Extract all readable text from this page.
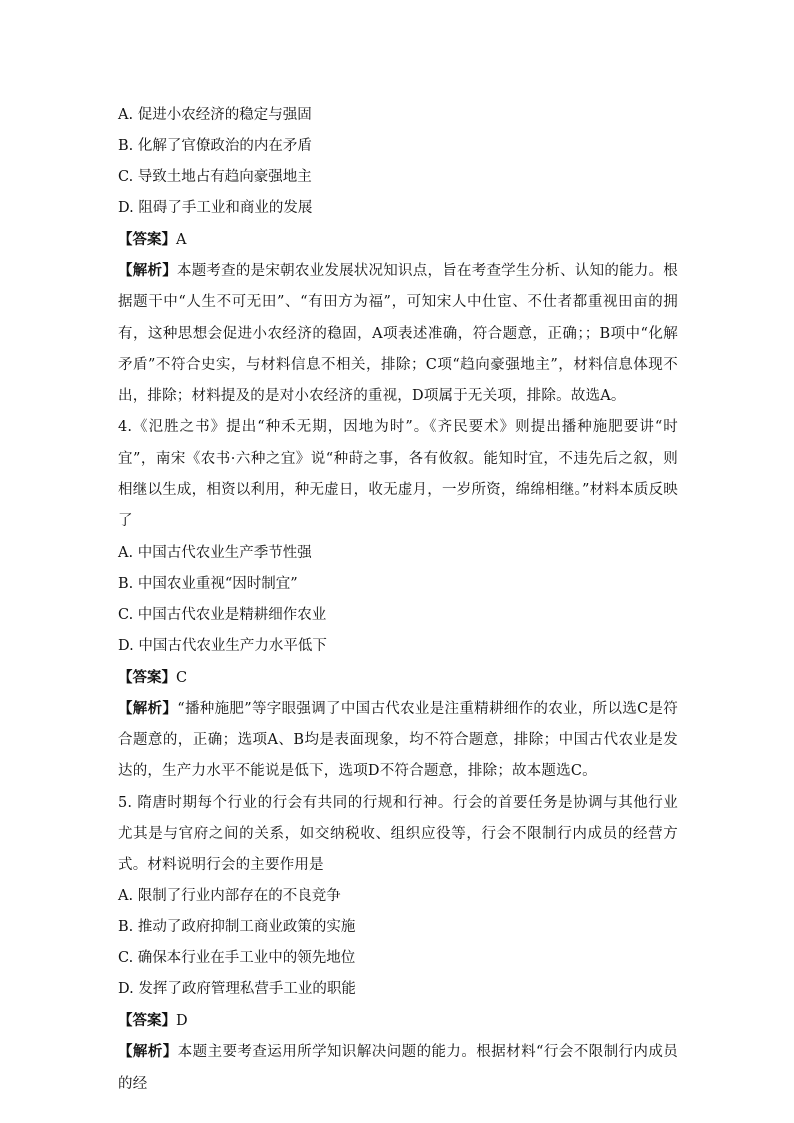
A. 促进小农经济的稳定与强固
B. 化解了官僚政治的内在矛盾
C. 导致土地占有趋向豪强地主
D. 阻碍了手工业和商业的发展
【答案】A
【解析】本题考查的是宋朝农业发展状况知识点，旨在考查学生分析、认知的能力。根据题干中“人生不可无田”、“有田方为福”，可知宋人中仕宦、不仕者都重视田亩的拥有，这种思想会促进小农经济的稳固，A项表述准确，符合题意，正确；；B项中“化解矛盾”不符合史实，与材料信息不相关，排除；C项“趋向豪强地主”，材料信息体现不出，排除；材料提及的是对小农经济的重视，D项属于无关项，排除。故选A。
4.《氾胜之书》提出“种禾无期，因地为时”。《齐民要术》则提出播种施肥要讲“时宜”，南宋《农书·六种之宜》说“种莳之事，各有攸叙。能知时宜，不违先后之叙，则相继以生成，相资以利用，种无虚日，收无虚月，一岁所资，绵绵相继。”材料本质反映了
A. 中国古代农业生产季节性强
B. 中国农业重视“因时制宜”
C. 中国古代农业是精耕细作农业
D. 中国古代农业生产力水平低下
【答案】C
【解析】“播种施肥”等字眼强调了中国古代农业是注重精耕细作的农业，所以选C是符合题意的，正确；选项A、B均是表面现象，均不符合题意，排除；中国古代农业是发达的，生产力水平不能说是低下，选项D不符合题意，排除；故本题选C。
5. 隋唐时期每个行业的行会有共同的行规和行神。行会的首要任务是协调与其他行业尤其是与官府之间的关系，如交纳税收、组织应役等，行会不限制行内成员的经营方式。材料说明行会的主要作用是
A. 限制了行业内部存在的不良竞争
B. 推动了政府抑制工商业政策的实施
C. 确保本行业在手工业中的领先地位
D. 发挥了政府管理私营手工业的职能
【答案】D
【解析】本题主要考查运用所学知识解决问题的能力。根据材料“行会不限制行内成员的经
